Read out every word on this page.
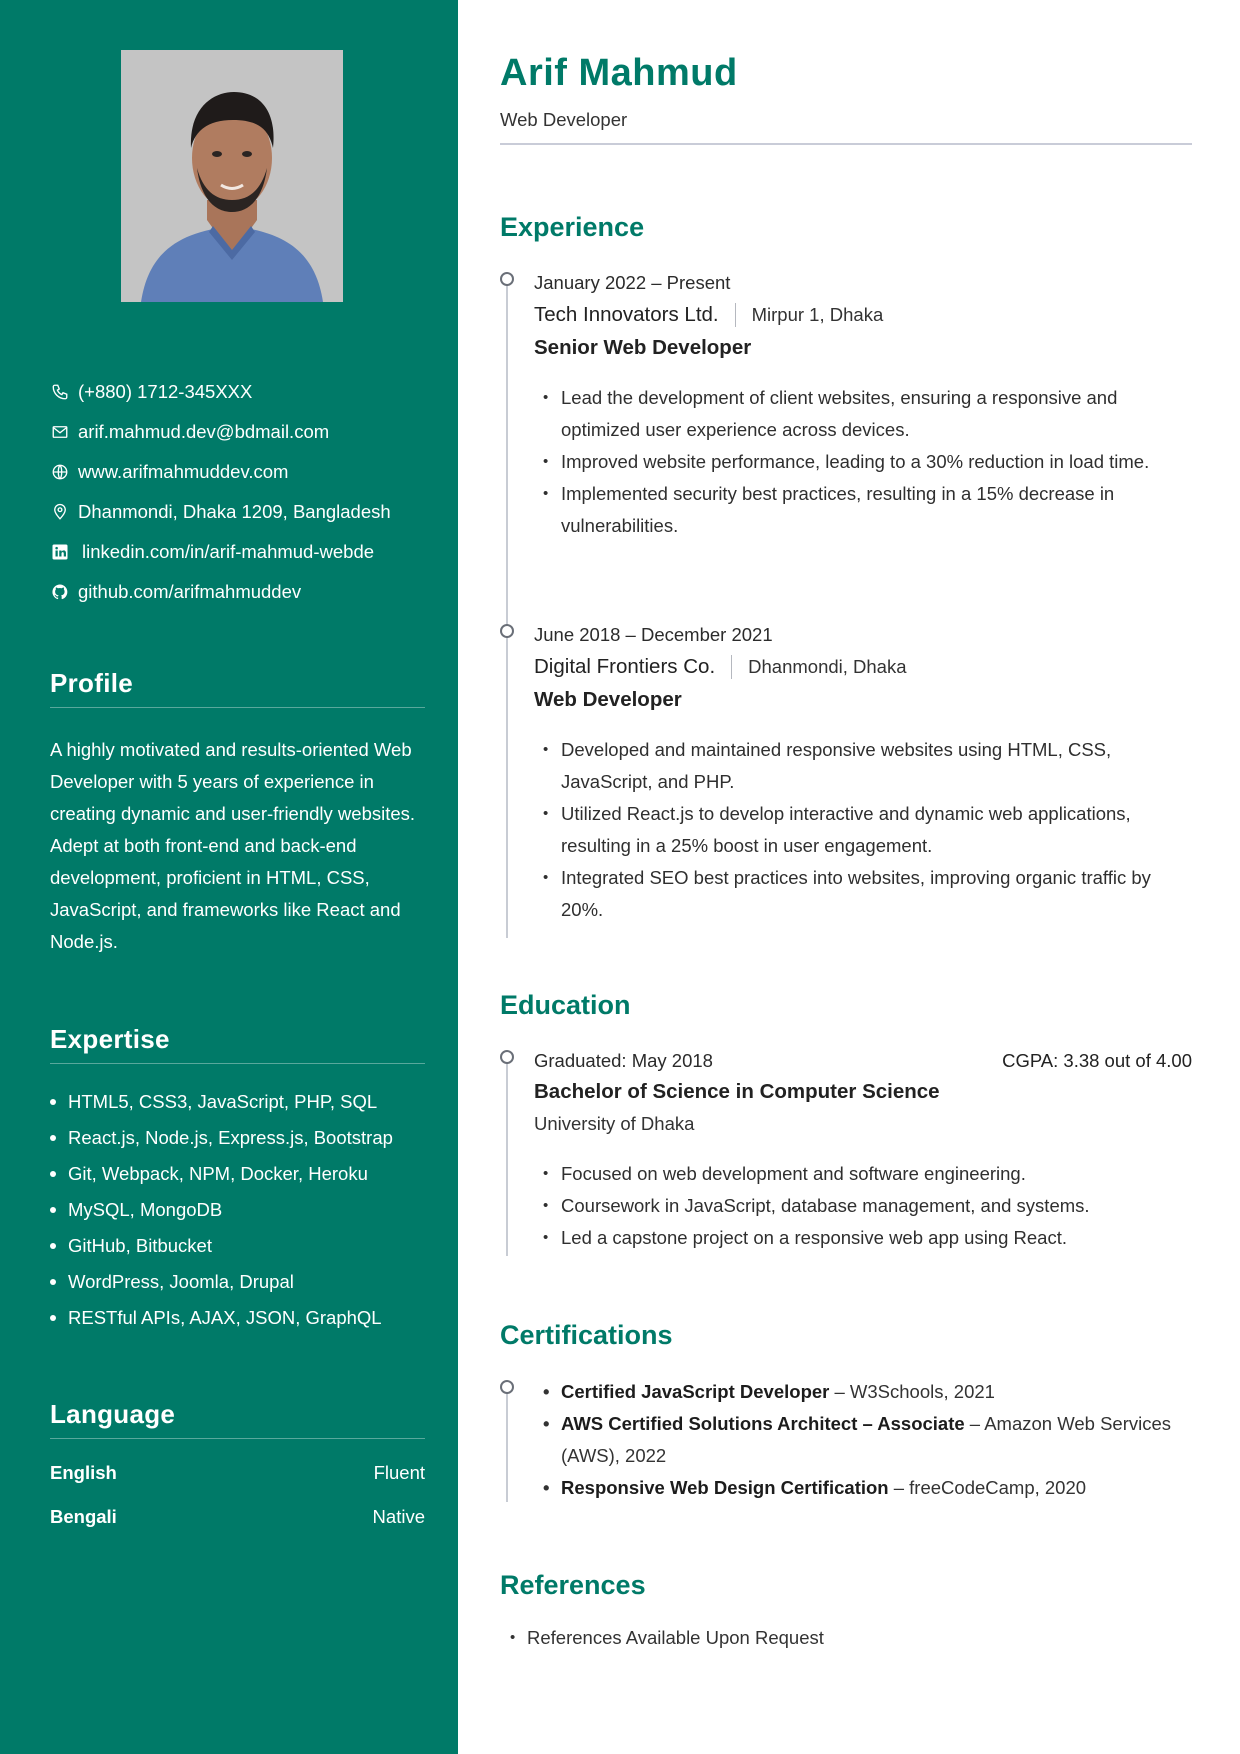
(+880) 1712-345XXX
arif.mahmud.dev@bdmail.com
www.arifmahmuddev.com
Dhanmondi, Dhaka 1209, Bangladesh
linkedin.com/in/arif-mahmud-webde
github.com/arifmahmuddev
Profile

A highly motivated and results-oriented Web Developer with 5 years of experience in creating dynamic and user-friendly websites. Adept at both front-end and back-end development, proficient in HTML, CSS, JavaScript, and frameworks like React and Node.js.

Expertise
HTML5, CSS3, JavaScript, PHP, SQL
React.js, Node.js, Express.js, Bootstrap
Git, Webpack, NPM, Docker, Heroku
MySQL, MongoDB
GitHub, Bitbucket
WordPress, Joomla, Drupal
RESTful APIs, AJAX, JSON, GraphQL
Language
English	Fluent
Bengali	Native
Arif Mahmud
Web Developer
Experience
January 2022 – Present
Tech Innovators Ltd. Mirpur 1, Dhaka
Senior Web Developer
• Lead the development of client websites, ensuring a responsive and optimized user experience across devices.
• Improved website performance, leading to a 30% reduction in load time.
• Implemented security best practices, resulting in a 15% decrease in vulnerabilities.
June 2018 – December 2021
Digital Frontiers Co. Dhanmondi, Dhaka
Web Developer
• Developed and maintained responsive websites using HTML, CSS, JavaScript, and PHP.
• Utilized React.js to develop interactive and dynamic web applications, resulting in a 25% boost in user engagement.
• Integrated SEO best practices into websites, improving organic traffic by 20%.
Education
Graduated: May 2018	CGPA: 3.38 out of 4.00
Bachelor of Science in Computer Science
University of Dhaka
• Focused on web development and software engineering.
• Coursework in JavaScript, database management, and systems.
• Led a capstone project on a responsive web app using React.
Certifications
• Certified JavaScript Developer – W3Schools, 2021
• AWS Certified Solutions Architect – Associate – Amazon Web Services (AWS), 2022
• Responsive Web Design Certification – freeCodeCamp, 2020
References
• References Available Upon Request
